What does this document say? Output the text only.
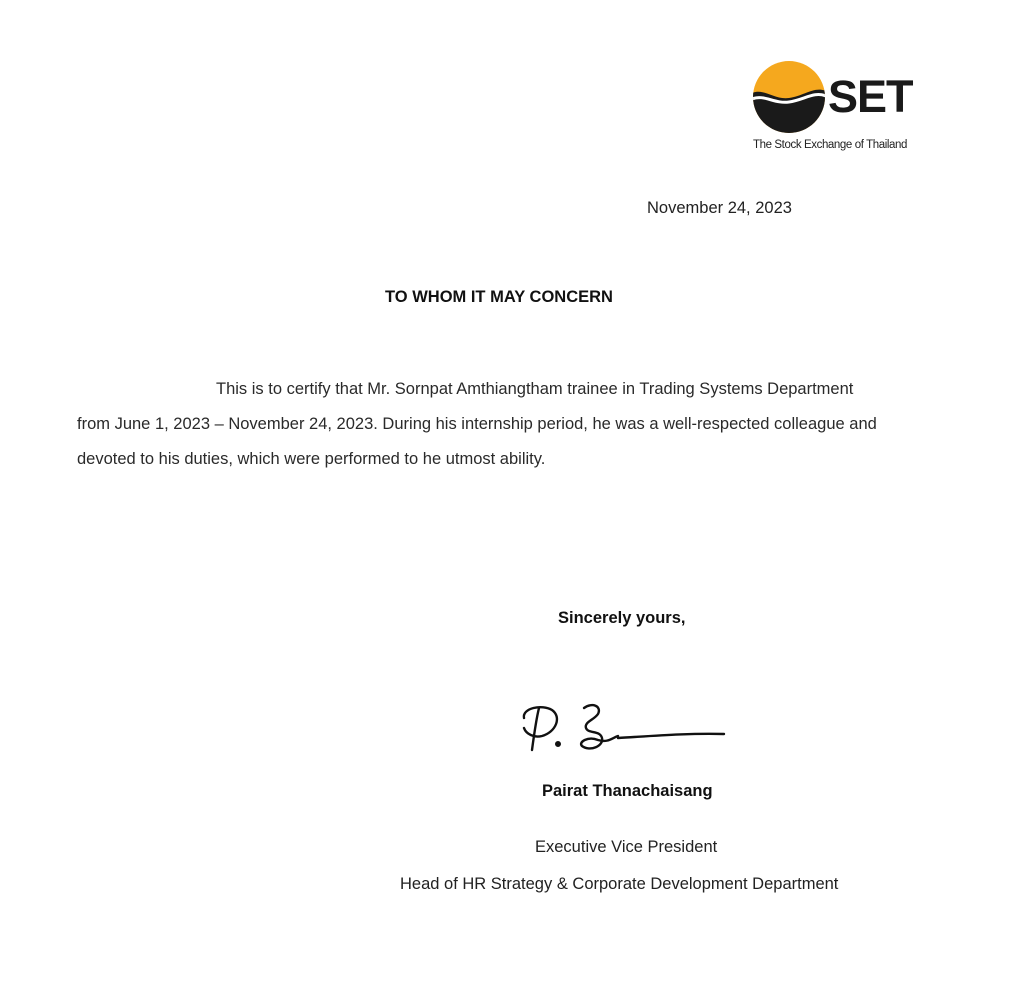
SET
The Stock Exchange of Thailand
November 24, 2023
TO WHOM IT MAY CONCERN

This is to certify that Mr. Sornpat Amthiangtham trainee in Trading Systems Department from June 1, 2023 – November 24, 2023. During his internship period, he was a well-respected colleague and devoted to his duties, which were performed to he utmost ability.

Sincerely yours,
Pairat Thanachaisang
Executive Vice President
Head of HR Strategy & Corporate Development Department
